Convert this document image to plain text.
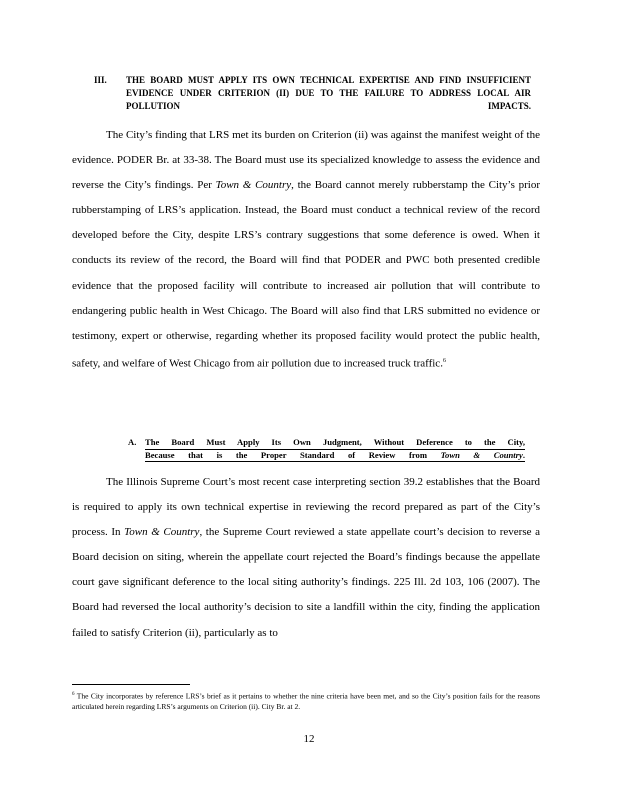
III. THE BOARD MUST APPLY ITS OWN TECHNICAL EXPERTISE AND FIND INSUFFICIENT EVIDENCE UNDER CRITERION (II) DUE TO THE FAILURE TO ADDRESS LOCAL AIR POLLUTION IMPACTS.
The City’s finding that LRS met its burden on Criterion (ii) was against the manifest weight of the evidence. PODER Br. at 33-38. The Board must use its specialized knowledge to assess the evidence and reverse the City’s findings. Per Town & Country, the Board cannot merely rubberstamp the City’s prior rubberstamping of LRS’s application. Instead, the Board must conduct a technical review of the record developed before the City, despite LRS’s contrary suggestions that some deference is owed. When it conducts its review of the record, the Board will find that PODER and PWC both presented credible evidence that the proposed facility will contribute to increased air pollution that will contribute to endangering public health in West Chicago. The Board will also find that LRS submitted no evidence or testimony, expert or otherwise, regarding whether its proposed facility would protect the public health, safety, and welfare of West Chicago from air pollution due to increased truck traffic.$^6$
A. The Board Must Apply Its Own Judgment, Without Deference to the City,
Because that is the Proper Standard of Review from Town & Country.
The Illinois Supreme Court’s most recent case interpreting section 39.2 establishes that the Board is required to apply its own technical expertise in reviewing the record prepared as part of the City’s process. In Town & Country, the Supreme Court reviewed a state appellate court’s decision to reverse a Board decision on siting, wherein the appellate court rejected the Board’s findings because the appellate court gave significant deference to the local siting authority’s findings. 225 Ill. 2d 103, 106 (2007). The Board had reversed the local authority’s decision to site a landfill within the city, finding the application failed to satisfy Criterion (ii), particularly as to
$^6$ The City incorporates by reference LRS’s brief as it pertains to whether the nine criteria have been met, and so the City’s position fails for the reasons articulated herein regarding LRS’s arguments on Criterion (ii). City Br. at 2.
12
